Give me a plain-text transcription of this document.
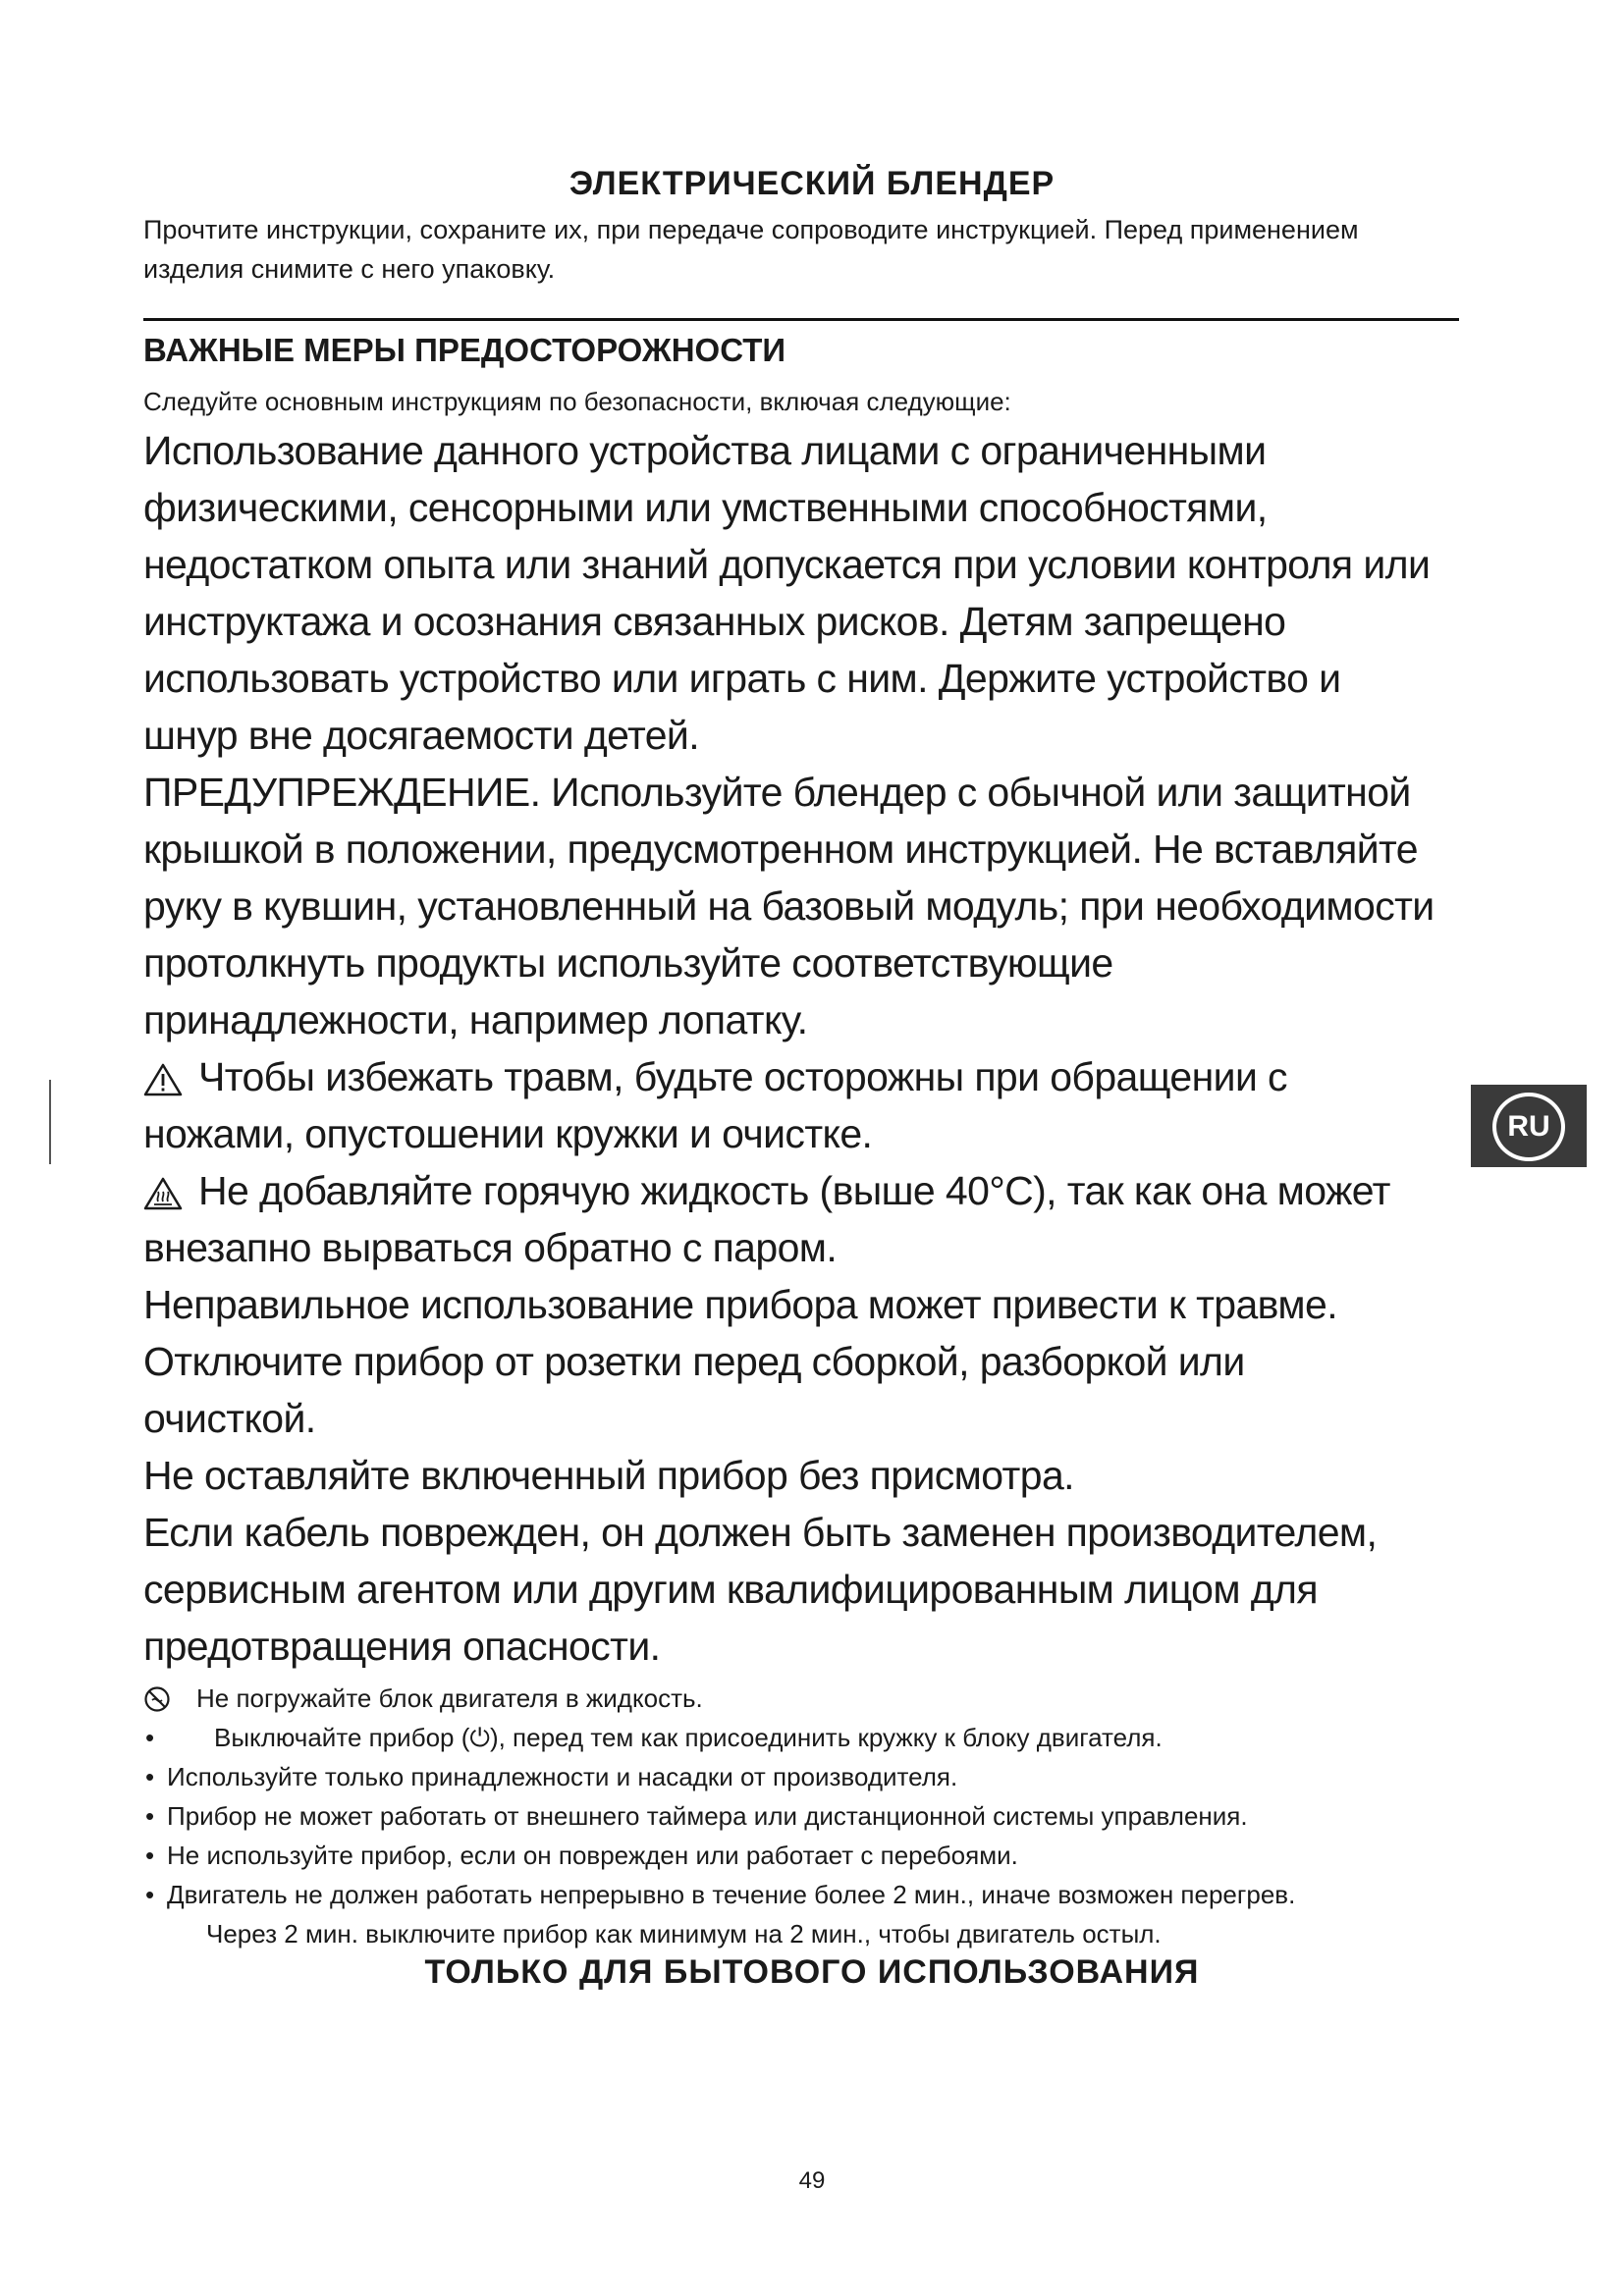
ЭЛЕКТРИЧЕСКИЙ БЛЕНДЕР

Прочтите инструкции, сохраните их, при передаче сопроводите инструкцией. Перед применением
изделия снимите с него упаковку.

ВАЖНЫЕ МЕРЫ ПРЕДОСТОРОЖНОСТИ

Следуйте основным инструкциям по безопасности, включая следующие:

Использование данного устройства лицами с ограниченными

физическими, сенсорными или умственными способностями,

недостатком опыта или знаний допускается при условии контроля или

инструктажа и осознания связанных рисков. Детям запрещено

использовать устройство или играть с ним. Держите устройство и

шнур вне досягаемости детей.

ПРЕДУПРЕЖДЕНИЕ. Используйте блендер с обычной или защитной

крышкой в положении, предусмотренном инструкцией. Не вставляйте

руку в кувшин, установленный на базовый модуль; при необходимости

протолкнуть продукты используйте соответствующие

принадлежности, например лопатку.

Чтобы избежать травм, будьте осторожны при обращении с

ножами, опустошении кружки и очистке.

Не добавляйте горячую жидкость (выше 40°C), так как она может

внезапно вырваться обратно с паром.

Неправильное использование прибора может привести к травме.

Отключите прибор от розетки перед сборкой, разборкой или

очисткой.

Не оставляйте включенный прибор без присмотра.

Если кабель поврежден, он должен быть заменен производителем,

сервисным агентом или другим квалифицированным лицом для

предотвращения опасности.

Не погружайте блок двигателя в жидкость.

• Выключайте прибор (⏻), перед тем как присоединить кружку к блоку двигателя.

• Используйте только принадлежности и насадки от производителя.

• Прибор не может работать от внешнего таймера или дистанционной системы управления.

• Не используйте прибор, если он поврежден или работает с перебоями.

• Двигатель не должен работать непрерывно в течение более 2 мин., иначе возможен перегрев.

Через 2 мин. выключите прибор как минимум на 2 мин., чтобы двигатель остыл.

ТОЛЬКО ДЛЯ БЫТОВОГО ИСПОЛЬЗОВАНИЯ

49

RU
